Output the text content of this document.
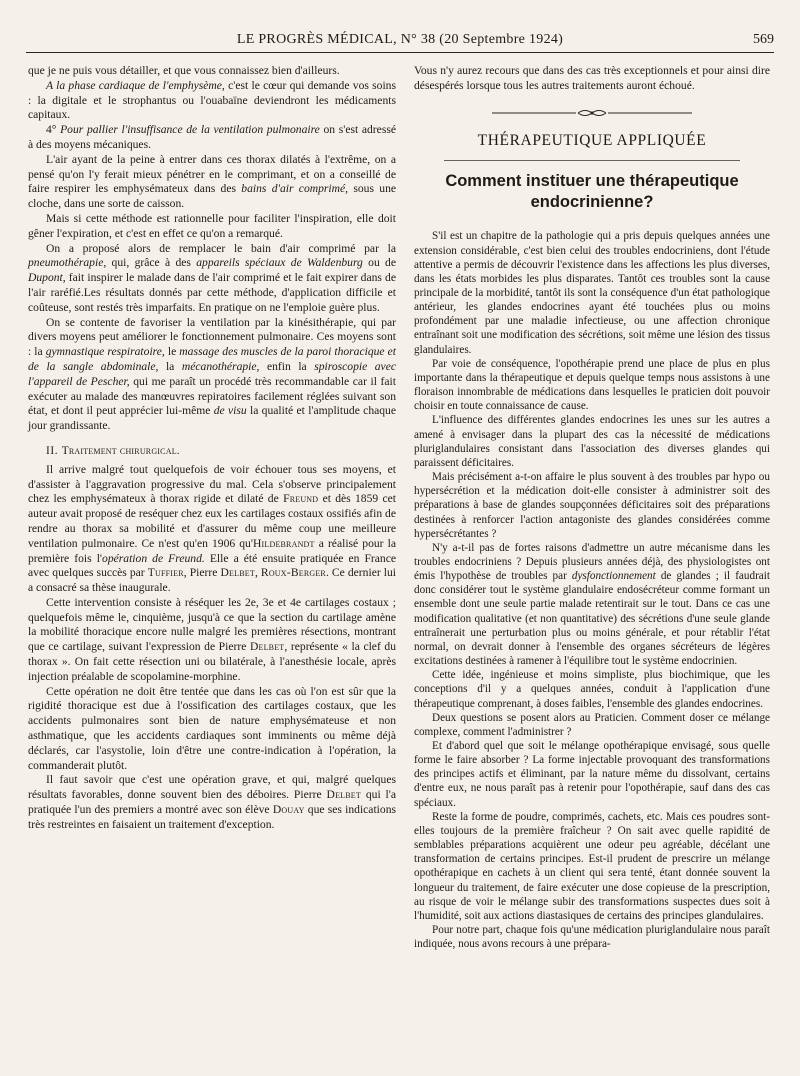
LE PROGRÈS MÉDICAL, N° 38 (20 Septembre 1924)	569

que je ne puis vous détailler, et que vous connaissez bien d'ailleurs.

A la phase cardiaque de l'emphysème, c'est le cœur qui demande vos soins : la digitale et le strophantus ou l'ouabaïne deviendront les médicaments capitaux.

4° Pour pallier l'insuffisance de la ventilation pulmonaire on s'est adressé à des moyens mécaniques.

L'air ayant de la peine à entrer dans ces thorax dilatés à l'extrême, on a pensé qu'on l'y ferait mieux pénétrer en le comprimant, et on a conseillé de faire respirer les emphysémateux dans des bains d'air comprimé, sous une cloche, dans une sorte de caisson.

Mais si cette méthode est rationnelle pour faciliter l'inspiration, elle doit gêner l'expiration, et c'est en effet ce qu'on a remarqué.

On a proposé alors de remplacer le bain d'air comprimé par la pneumothérapie, qui, grâce à des appareils spéciaux de Waldenburg ou de Dupont, fait inspirer le malade dans de l'air comprimé et le fait expirer dans de l'air raréfié.Les résultats donnés par cette méthode, d'application difficile et coûteuse, sont restés très imparfaits. En pratique on ne l'emploie guère plus.

On se contente de favoriser la ventilation par la kinésithérapie, qui par divers moyens peut améliorer le fonctionnement pulmonaire. Ces moyens sont : la gymnastique respiratoire, le massage des muscles de la paroi thoracique et de la sangle abdominale, la mécanothérapie, enfin la spiroscopie avec l'appareil de Pescher, qui me paraît un procédé très recommandable car il fait exécuter au malade des manœuvres repiratoires facilement réglées suivant son état, et dont il peut apprécier lui-même de visu la qualité et l'amplitude chaque jour grandissante.

II. Traitement chirurgical.

Il arrive malgré tout quelquefois de voir échouer tous ses moyens, et d'assister à l'aggravation progressive du mal. Cela s'observe principalement chez les emphysémateux à thorax rigide et dilaté de Freund et dès 1859 cet auteur avait proposé de reséquer chez eux les cartilages costaux ossifiés afin de rendre au thorax sa mobilité et d'assurer du même coup une meilleure ventilation pulmonaire. Ce n'est qu'en 1906 qu'Hildebrandt a réalisé pour la première fois l'opération de Freund. Elle a été ensuite pratiquée en France avec quelques succès par Tuffier, Pierre Delbet, Roux-Berger. Ce dernier lui a consacré sa thèse inaugurale.

Cette intervention consiste à réséquer les 2e, 3e et 4e cartilages costaux ; quelquefois même le, cinquième, jusqu'à ce que la section du cartilage amène la mobilité thoracique encore nulle malgré les premières résections, montrant que ce cartilage, suivant l'expression de Pierre Delbet, représente « la clef du thorax ». On fait cette résection uni ou bilatérale, à l'anesthésie locale, après injection préalable de scopolamine-morphine.

Cette opération ne doit être tentée que dans les cas où l'on est sûr que la rigidité thoracique est due à l'ossification des cartilages costaux, que les accidents pulmonaires sont bien de nature emphysémateuse et non asthmatique, que les accidents cardiaques sont imminents ou même déjà déclarés, car l'asystolie, loin d'être une contre-indication à l'opération, la commanderait plutôt.

Il faut savoir que c'est une opération grave, et qui, malgré quelques résultats favorables, donne souvent bien des déboires. Pierre Delbet qui l'a pratiquée l'un des premiers a montré avec son élève Douay que ses indications très restreintes en faisaient un traitement d'exception.

Vous n'y aurez recours que dans des cas très exceptionnels et pour ainsi dire désespérés lorsque tous les autres traitements auront échoué.

THÉRAPEUTIQUE APPLIQUÉE
Comment instituer une thérapeutique endocrinienne?

S'il est un chapitre de la pathologie qui a pris depuis quelques années une extension considérable, c'est bien celui des troubles endocriniens, dont l'étude attentive a permis de découvrir l'existence dans les affections les plus diverses, dans les états morbides les plus disparates. Tantôt ces troubles sont la cause principale de la morbidité, tantôt ils sont la conséquence d'un état pathologique antérieur, les glandes endocrines ayant été touchées plus ou moins profondément par une maladie infectieuse, ou une affection chronique entraînant soit une modification des sécrétions, soit même une lésion des tissus glandulaires.

Par voie de conséquence, l'opothérapie prend une place de plus en plus importante dans la thérapeutique et depuis quelque temps nous assistons à une floraison innombrable de médications dans lesquelles le praticien doit pouvoir choisir en toute connaissance de cause.

L'influence des différentes glandes endocrines les unes sur les autres a amené à envisager dans la plupart des cas la nécessité de médications pluriglandulaires consistant dans l'association des diverses glandes qui paraissent déficitaires.

Mais précisément a-t-on affaire le plus souvent à des troubles par hypo ou hypersécrétion et la médication doit-elle consister à administrer soit des préparations à base de glandes soupçonnées déficitaires soit des préparations destinées à renforcer l'action antagoniste des glandes considérées comme hypersécrétantes ?

N'y a-t-il pas de fortes raisons d'admettre un autre mécanisme dans les troubles endocriniens ? Depuis plusieurs années déjà, des physiologistes ont émis l'hypothèse de troubles par dysfonctionnement de glandes ; il faudrait donc considérer tout le système glandulaire endosécréteur comme formant un ensemble dont une seule partie malade retentirait sur le tout. Dans ce cas une modification qualitative (et non quantitative) des sécrétions d'une seule glande entraînerait une perturbation plus ou moins générale, et pour rétablir l'état normal, on devrait donner à l'ensemble des organes sécréteurs de légères excitations destinées à ramener à l'équilibre tout le système endocrinien.

Cette idée, ingénieuse et moins simpliste, plus biochimique, que les conceptions d'il y a quelques années, conduit à l'application d'une thérapeutique comprenant, à doses faibles, l'ensemble des glandes endocrines.

Deux questions se posent alors au Praticien. Comment doser ce mélange complexe, comment l'administrer ?

Et d'abord quel que soit le mélange opothérapique envisagé, sous quelle forme le faire absorber ? La forme injectable provoquant des transformations des principes actifs et éliminant, par la nature même du dissolvant, certains d'entre eux, ne nous paraît pas à retenir pour l'opothérapie, sauf dans des cas spéciaux.

Reste la forme de poudre, comprimés, cachets, etc. Mais ces poudres sont-elles toujours de la première fraîcheur ? On sait avec quelle rapidité de semblables préparations acquièrent une odeur peu agréable, décélant une transformation de certains principes. Est-il prudent de prescrire un mélange opothérapique en cachets à un client qui sera tenté, étant donnée souvent la longueur du traitement, de faire exécuter une dose copieuse de la prescription, au risque de voir le mélange subir des transformations suspectes dues soit à l'humidité, soit aux actions diastasiques de certains des principes glandulaires.

Pour notre part, chaque fois qu'une médication pluriglandulaire nous paraît indiquée, nous avons recours à une prépara-
